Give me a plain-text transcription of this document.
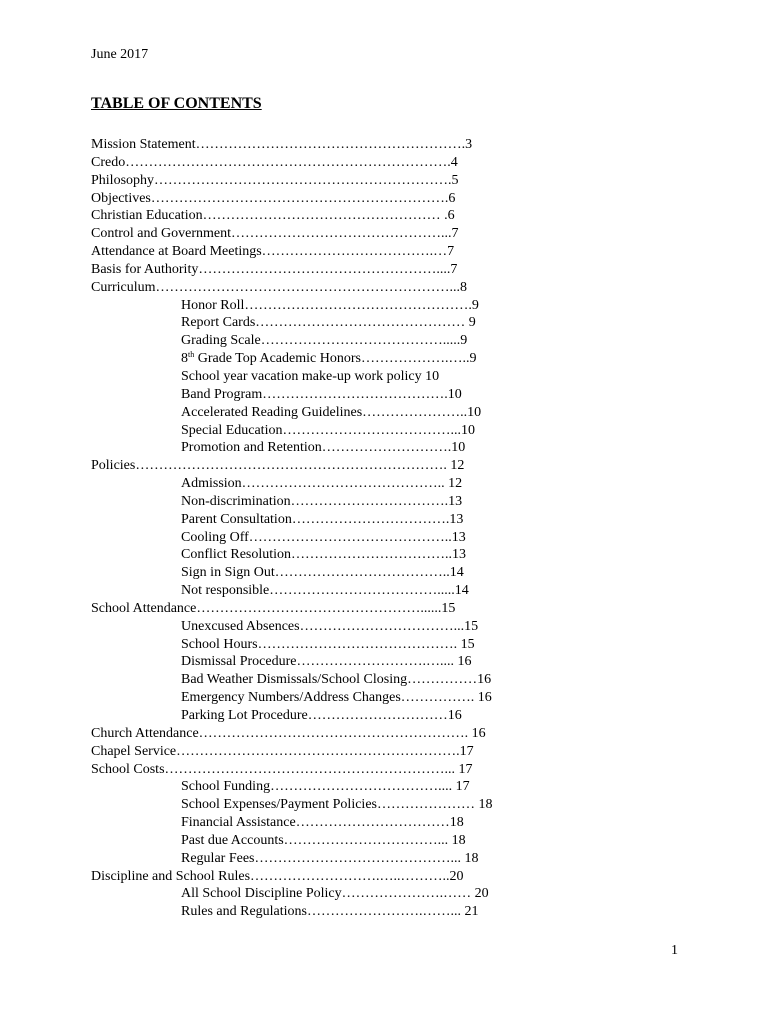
June 2017
TABLE OF CONTENTS
Mission Statement………………………………………………….3
Credo…………………………………………………………….4
Philosophy……………………………………………………….5
Objectives……………………………………………………….6
Christian Education…………………………………………… .6
Control and Government………………………………………...7
Attendance at Board Meetings……………………………….…7
Basis for Authority……………………………………………....7
Curriculum………………………………………………………...8
Honor Roll………………………………………….9
Report Cards……………………………………… 9
Grading Scale………………………………….....9
8th Grade Top Academic Honors……………….…..9
School year vacation make-up work policy 10
Band Program………………………………….10
Accelerated Reading Guidelines…………………..10
Special Education………………………………...10
Promotion and Retention……………………….10
Policies…………………………………………………………. 12
Admission…………………………………….. 12
Non-discrimination…………………………….13
Parent Consultation…………………………….13
Cooling Off……………………………………..13
Conflict Resolution……………………………..13
Sign in Sign Out………………………………..14
Not responsible……………………………….....14
School Attendance…………………………………………......15
Unexcused Absences……………………………...15
School Hours……………………………………. 15
Dismissal Procedure……………………….….... 16
Bad Weather Dismissals/School Closing……………16
Emergency Numbers/Address Changes……………. 16
Parking Lot Procedure…………………………16
Church Attendance…………………………………………………. 16
Chapel Service…………………………………………………….17
School Costs……………………………………………………... 17
School Funding……………………………….... 17
School Expenses/Payment Policies………………… 18
Financial Assistance……………………………18
Past due Accounts……………………………... 18
Regular Fees……………………………………... 18
Discipline and School Rules……………………….…..………..20
All School Discipline Policy………………….…… 20
Rules and Regulations…………………….……... 21
1
